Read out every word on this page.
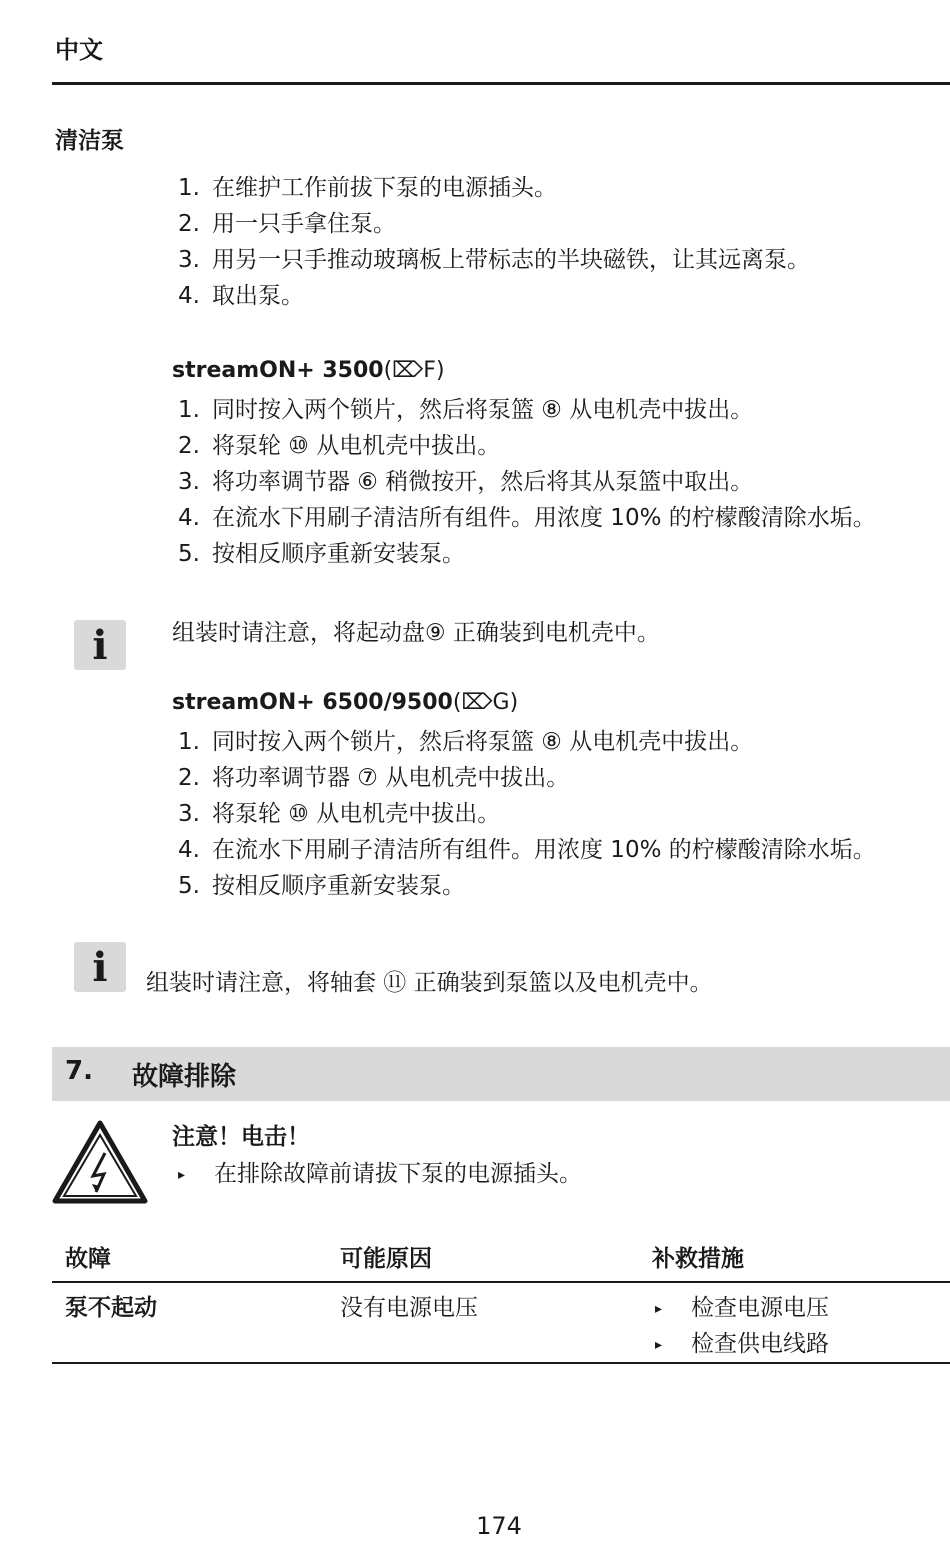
中文
清洁泵
1. 在维护工作前拔下泵的电源插头。
2. 用一只手拿住泵。
3. 用另一只手推动玻璃板上带标志的半块磁铁，让其远离泵。
4. 取出泵。
streamON+ 3500(⌦F)
1. 同时按入两个锁片，然后将泵篮 ⑧ 从电机壳中拔出。
2. 将泵轮 ⑩ 从电机壳中拔出。
3. 将功率调节器 ⑥ 稍微按开，然后将其从泵篮中取出。
4. 在流水下用刷子清洁所有组件。用浓度 10% 的柠檬酸清除水垢。
5. 按相反顺序重新安装泵。
i	组装时请注意，将起动盘⑨ 正确装到电机壳中。
streamON+ 6500/9500(⌦G)
1. 同时按入两个锁片，然后将泵篮 ⑧ 从电机壳中拔出。
2. 将功率调节器 ⑦ 从电机壳中拔出。
3. 将泵轮 ⑩ 从电机壳中拔出。
4. 在流水下用刷子清洁所有组件。用浓度 10% 的柠檬酸清除水垢。
5. 按相反顺序重新安装泵。
i	组装时请注意，将轴套 ⑪ 正确装到泵篮以及电机壳中。
7. 故障排除
注意！电击！
▸ 在排除故障前请拔下泵的电源插头。
故障	可能原因	补救措施
泵不起动	没有电源电压	▸ 检查电源电压
▸ 检查供电线路
174
